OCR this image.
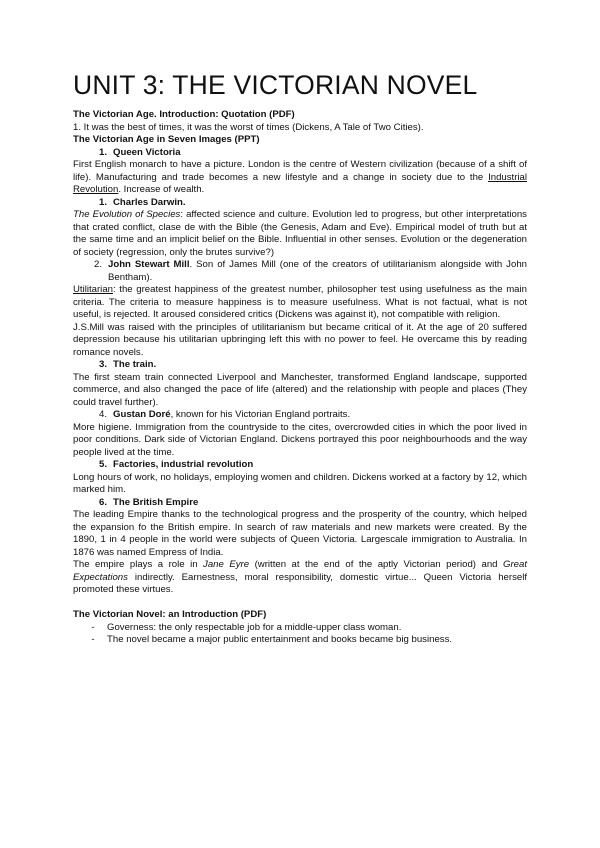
UNIT 3: THE VICTORIAN NOVEL

The Victorian Age. Introduction: Quotation (PDF)

1. It was the best of times, it was the worst of times (Dickens, A Tale of Two Cities).

The Victorian Age in Seven Images (PPT)

1. Queen Victoria

First English monarch to have a picture. London is the centre of Western civilization (because of a shift of life). Manufacturing and trade becomes a new lifestyle and a change in society due to the Industrial Revolution. Increase of wealth.

1. Charles Darwin.

The Evolution of Species: affected science and culture. Evolution led to progress, but other interpretations that crated conflict, clase de with the Bible (the Genesis, Adam and Eve). Empirical model of truth but at the same time and an implicit belief on the Bible. Influential in other senses. Evolution or the degeneration of society (regression, only the brutes survive?)

2. John Stewart Mill. Son of James Mill (one of the creators of utilitarianism alongside with John Bentham).

Utilitarian: the greatest happiness of the greatest number, philosopher test using usefulness as the main criteria. The criteria to measure happiness is to measure usefulness. What is not factual, what is not useful, is rejected. It aroused considered critics (Dickens was against it), not compatible with religion.

J.S.Mill was raised with the principles of utilitarianism but became critical of it. At the age of 20 suffered depression because his utilitarian upbringing left this with no power to feel. He overcame this by reading romance novels.

3. The train.

The first steam train connected Liverpool and Manchester, transformed England landscape, supported commerce, and also changed the pace of life (altered) and the relationship with people and places (They could travel further).

4. Gustan Doré, known for his Victorian England portraits.

More higiene. Immigration from the countryside to the cites, overcrowded cities in which the poor lived in poor conditions. Dark side of Victorian England. Dickens portrayed this poor neighbourhoods and the way people lived at the time.

5. Factories, industrial revolution

Long hours of work, no holidays, employing women and children. Dickens worked at a factory by 12, which marked him.

6. The British Empire

The leading Empire thanks to the technological progress and the prosperity of the country, which helped the expansion fo the British empire. In search of raw materials and new markets were created. By the 1890, 1 in 4 people in the world were subjects of Queen Victoria. Largescale immigration to Australia. In 1876 was named Empress of India.

The empire plays a role in Jane Eyre (written at the end of the aptly Victorian period) and Great Expectations indirectly. Earnestness, moral responsibility, domestic virtue... Queen Victoria herself promoted these virtues.

The Victorian Novel: an Introduction (PDF)

-	Governess: the only respectable job for a middle-upper class woman.
-	The novel became a major public entertainment and books became big business.
